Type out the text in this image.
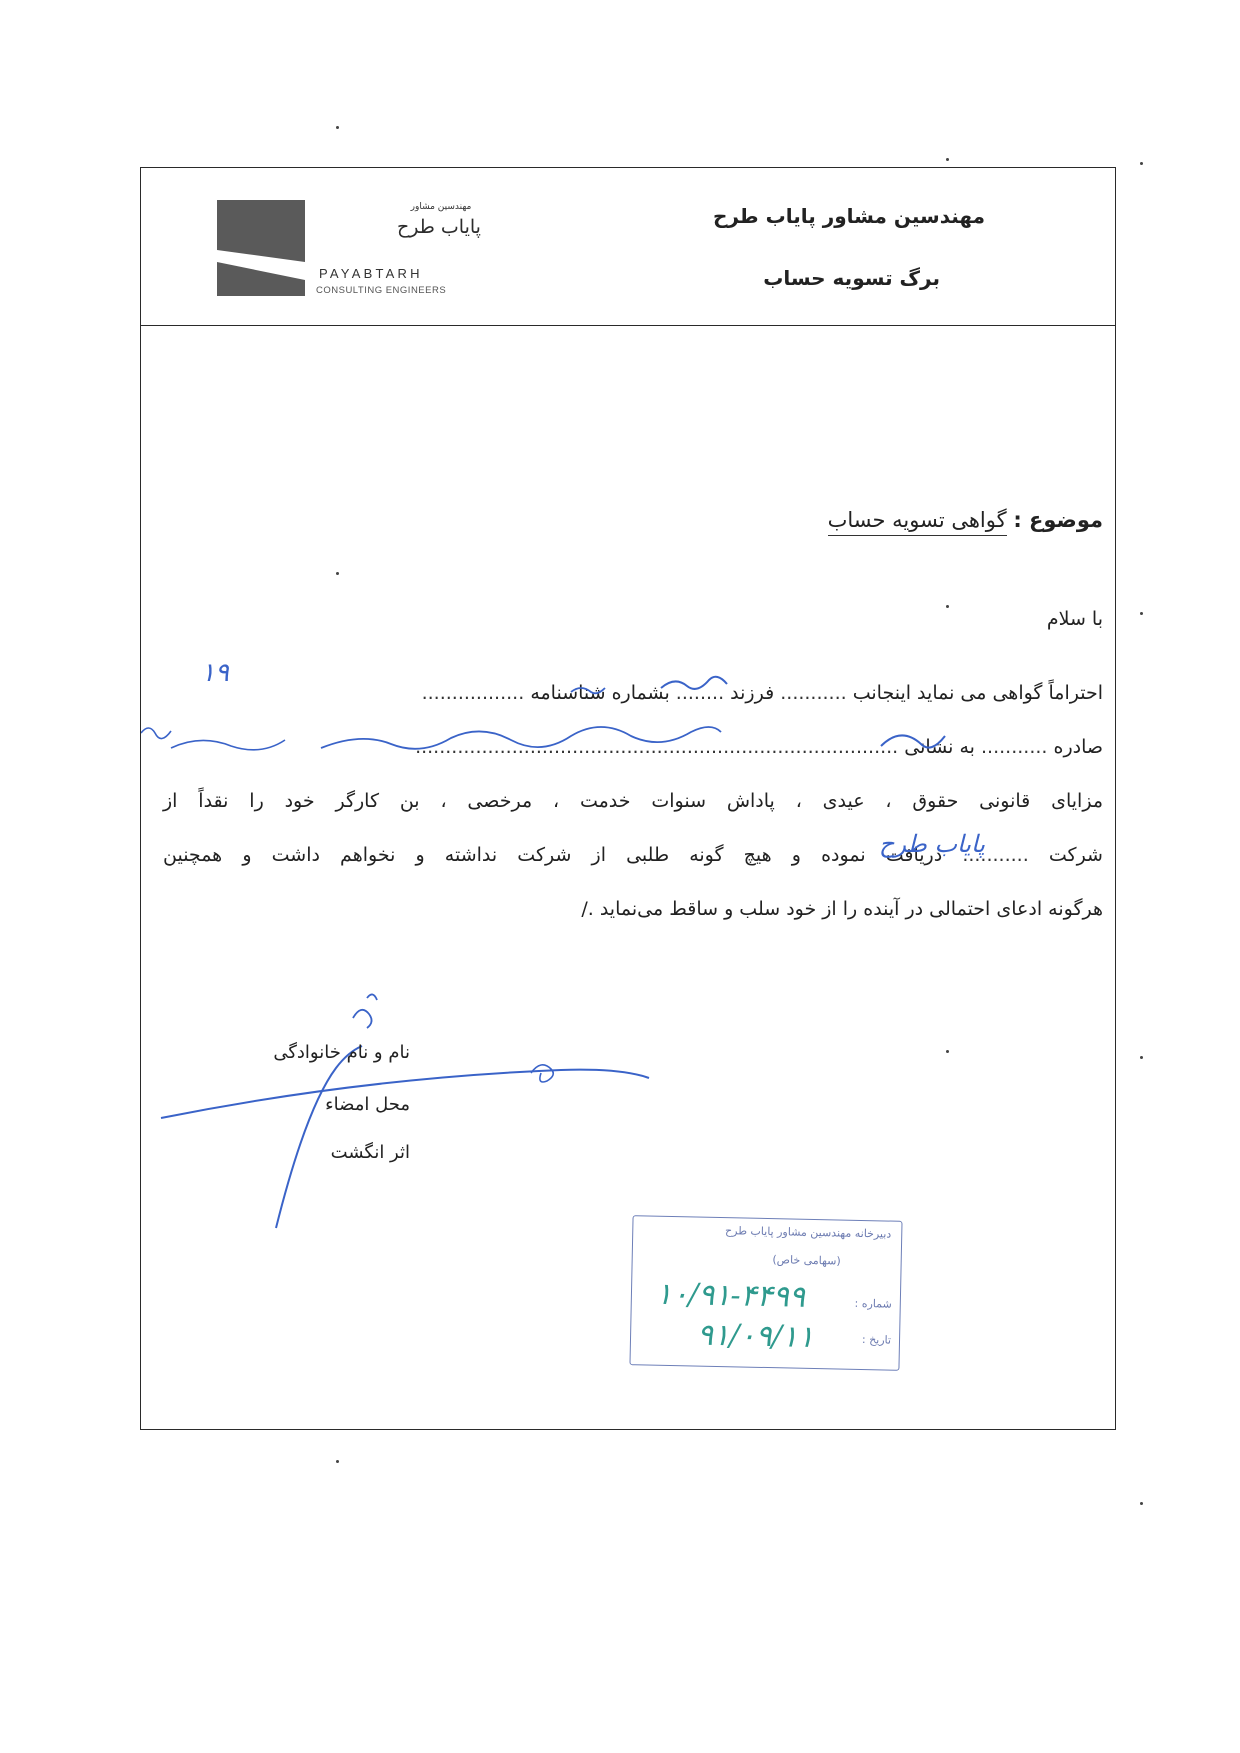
مهندسین مشاور
پایاب طرح
PAYABTARH
CONSULTING ENGINEERS
مهندسین مشاور پایاب طرح
برگ تسویه حساب
موضوع : گواهی تسویه حساب
با سلام
۱۹
احتراماً گواهی می نماید اینجانب ........... فرزند ........ بشماره شناسنامه .................
صادره ........... به نشانی ................................................................................
مزایای قانونی حقوق ، عیدی ، پاداش سنوات خدمت ، مرخصی ، بن کارگر خود را نقداً از
شرکت ........... دریافت نموده و هیچ گونه طلبی از شرکت نداشته و نخواهم داشت و همچنین
پایاب طرح
هرگونه ادعای احتمالی در آینده را از خود سلب و ساقط می‌نماید ./
نام و نام خانوادگی
محل امضاء
اثر انگشت
دبیرخانه مهندسین مشاور پایاب طرح
(سهامی خاص)
شماره :
تاریخ :
۱۰/۹۱-۴۴۹۹
۹۱/۰۹/۱۱
